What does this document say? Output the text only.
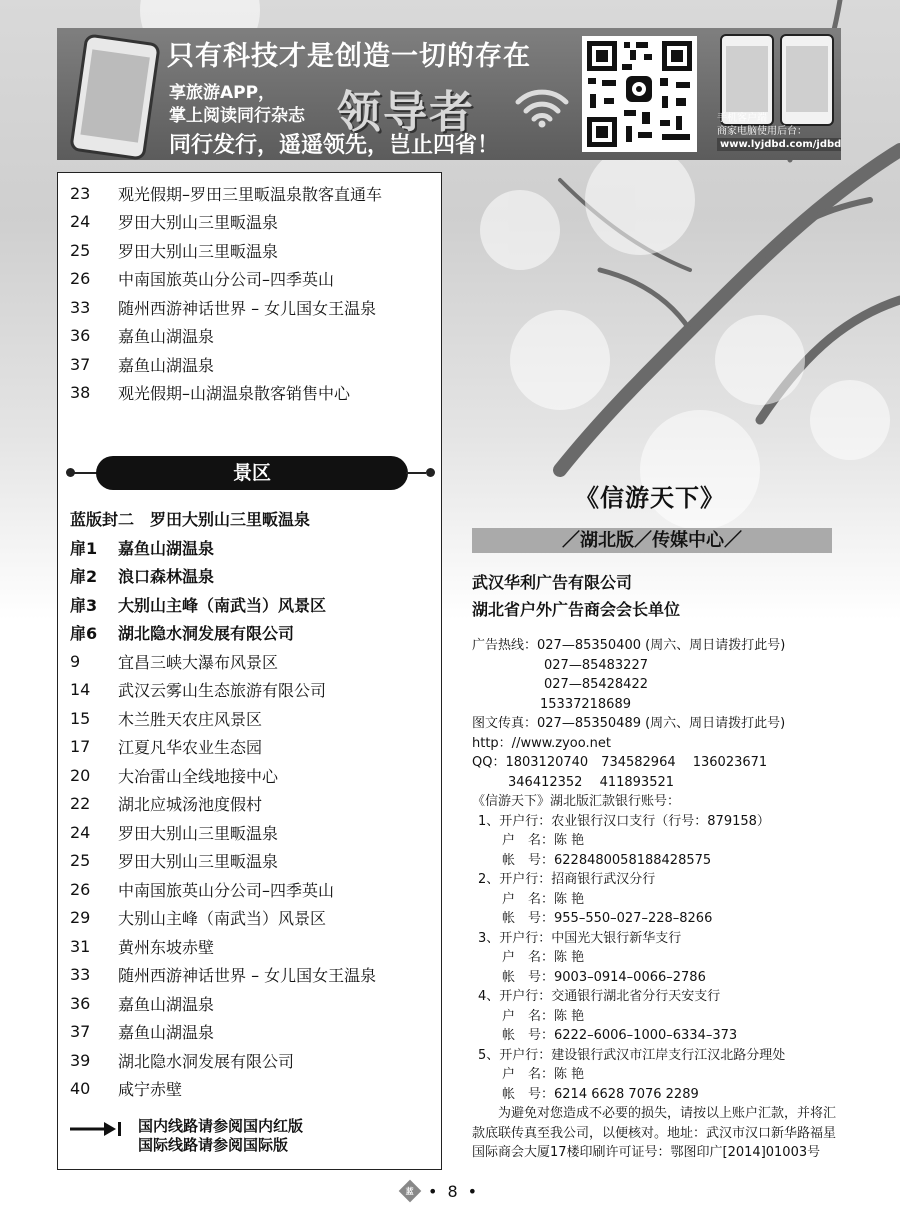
只有科技才是创造一切的存在
享旅游APP，
掌上阅读同行杂志 领导者
同行发行，遥遥领先，岂止四省！
手机客户端
商家电脑使用后台：
www.lyjdbd.com/jdbd
23	观光假期–罗田三里畈温泉散客直通车
24	罗田大别山三里畈温泉
25	罗田大别山三里畈温泉
26	中南国旅英山分公司–四季英山
33	随州西游神话世界 – 女儿国女王温泉
36	嘉鱼山湖温泉
37	嘉鱼山湖温泉
38	观光假期–山湖温泉散客销售中心
景区
蓝版封二　罗田大别山三里畈温泉
扉1	嘉鱼山湖温泉
扉2	浪口森林温泉
扉3	大别山主峰（南武当）风景区
扉6	湖北隐水洞发展有限公司
9	宜昌三峡大瀑布风景区
14	武汉云雾山生态旅游有限公司
15	木兰胜天农庄风景区
17	江夏凡华农业生态园
20	大冶雷山全线地接中心
22	湖北应城汤池度假村
24	罗田大别山三里畈温泉
25	罗田大别山三里畈温泉
26	中南国旅英山分公司–四季英山
29	大别山主峰（南武当）风景区
31	黄州东坡赤壁
33	随州西游神话世界 – 女儿国女王温泉
36	嘉鱼山湖温泉
37	嘉鱼山湖温泉
39	湖北隐水洞发展有限公司
40	咸宁赤壁
国内线路请参阅国内红版
国际线路请参阅国际版
《信游天下》
／湖北版／传媒中心／
武汉华利广告有限公司
湖北省户外广告商会会长单位
广告热线：027—85350400 (周六、周日请拨打此号)
027—85483227
027—85428422
15337218689
图文传真：027—85350489 (周六、周日请拨打此号)
http：//www.zyoo.net
QQ：1803120740　734582964　 136023671
346412352　 411893521
《信游天下》湖北版汇款银行账号：
1、开户行：农业银行汉口支行（行号：879158）
户　名：陈 艳
帐　号：6228480058188428575
2、开户行：招商银行武汉分行
户　名：陈 艳
帐　号：955–550–027–228–8266
3、开户行：中国光大银行新华支行
户　名：陈 艳
帐　号：9003–0914–0066–2786
4、开户行：交通银行湖北省分行天安支行
户　名：陈 艳
帐　号：6222–6006–1000–6334–373
5、开户行：建设银行武汉市江岸支行江汉北路分理处
户　名：陈 艳
帐　号：6214 6628 7076 2289
　　为避免对您造成不必要的损失，请按以上账户汇款，并将汇款底联传真至我公司，以便核对。地址：武汉市汉口新华路福星国际商会大厦17楼印刷许可证号：鄂图印广[2014]01003号
蓝 • 8 •
